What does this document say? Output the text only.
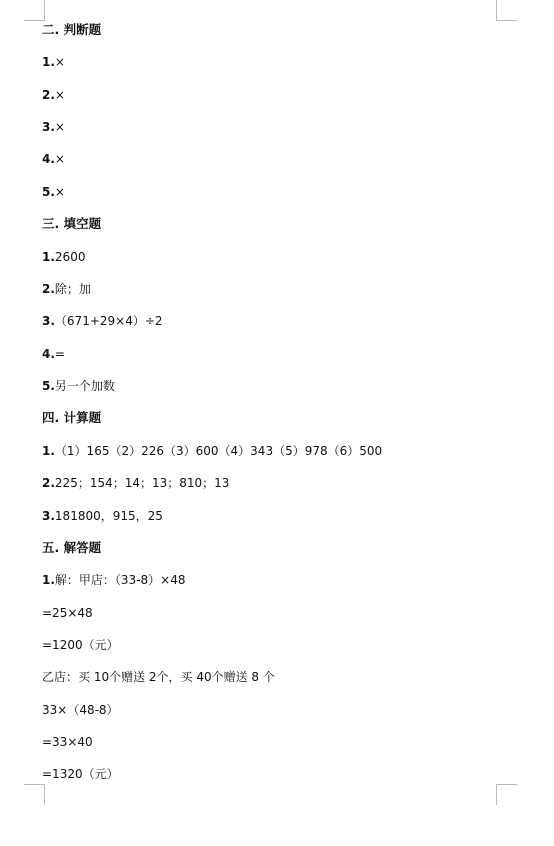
二. 判断题
1.×
2.×
3.×
4.×
5.×
三. 填空题
1.2600
2.除；加
3.（671+29×4）÷2
4.=
5.另一个加数
四. 计算题
1.（1）165（2）226（3）600（4）343（5）978（6）500
2.225；154；14；13；810；13
3.181800，915，25
五. 解答题
1.解：甲店：（33-8）×48
=25×48
=1200（元）
乙店：买 10个赠送 2个，买 40个赠送 8 个
33×（48-8）
=33×40
=1320（元）
